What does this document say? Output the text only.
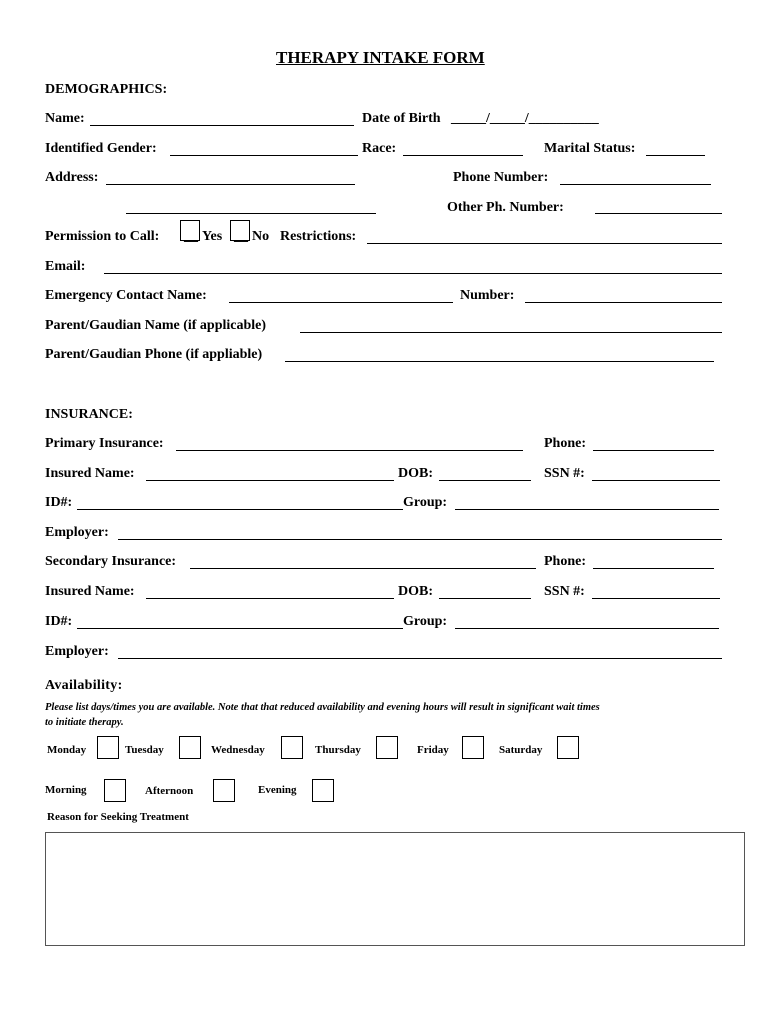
THERAPY INTAKE FORM
DEMOGRAPHICS:
Name:	Date of Birth _____/_____/__________
Identified Gender:	Race:	Marital Status:
Address:	Phone Number:
Other Ph. Number:
Permission to Call: __ Yes __ No Restrictions:
Email:
Emergency Contact Name:	Number:
Parent/Gaudian Name (if applicable)
Parent/Gaudian Phone (if appliable)
INSURANCE:
Primary Insurance:	Phone:
Insured Name:	DOB:	SSN #:
ID#:	Group:
Employer:
Secondary Insurance:	Phone:
Insured Name:	DOB:	SSN #:
ID#:	Group:
Employer:
Availability:
Please list days/times you are available. Note that that reduced availability and evening hours will result in significant wait times to initiate therapy.
Monday	Tuesday	Wednesday	Thursday	Friday	Saturday
Morning	Afternoon	Evening
Reason for Seeking Treatment
